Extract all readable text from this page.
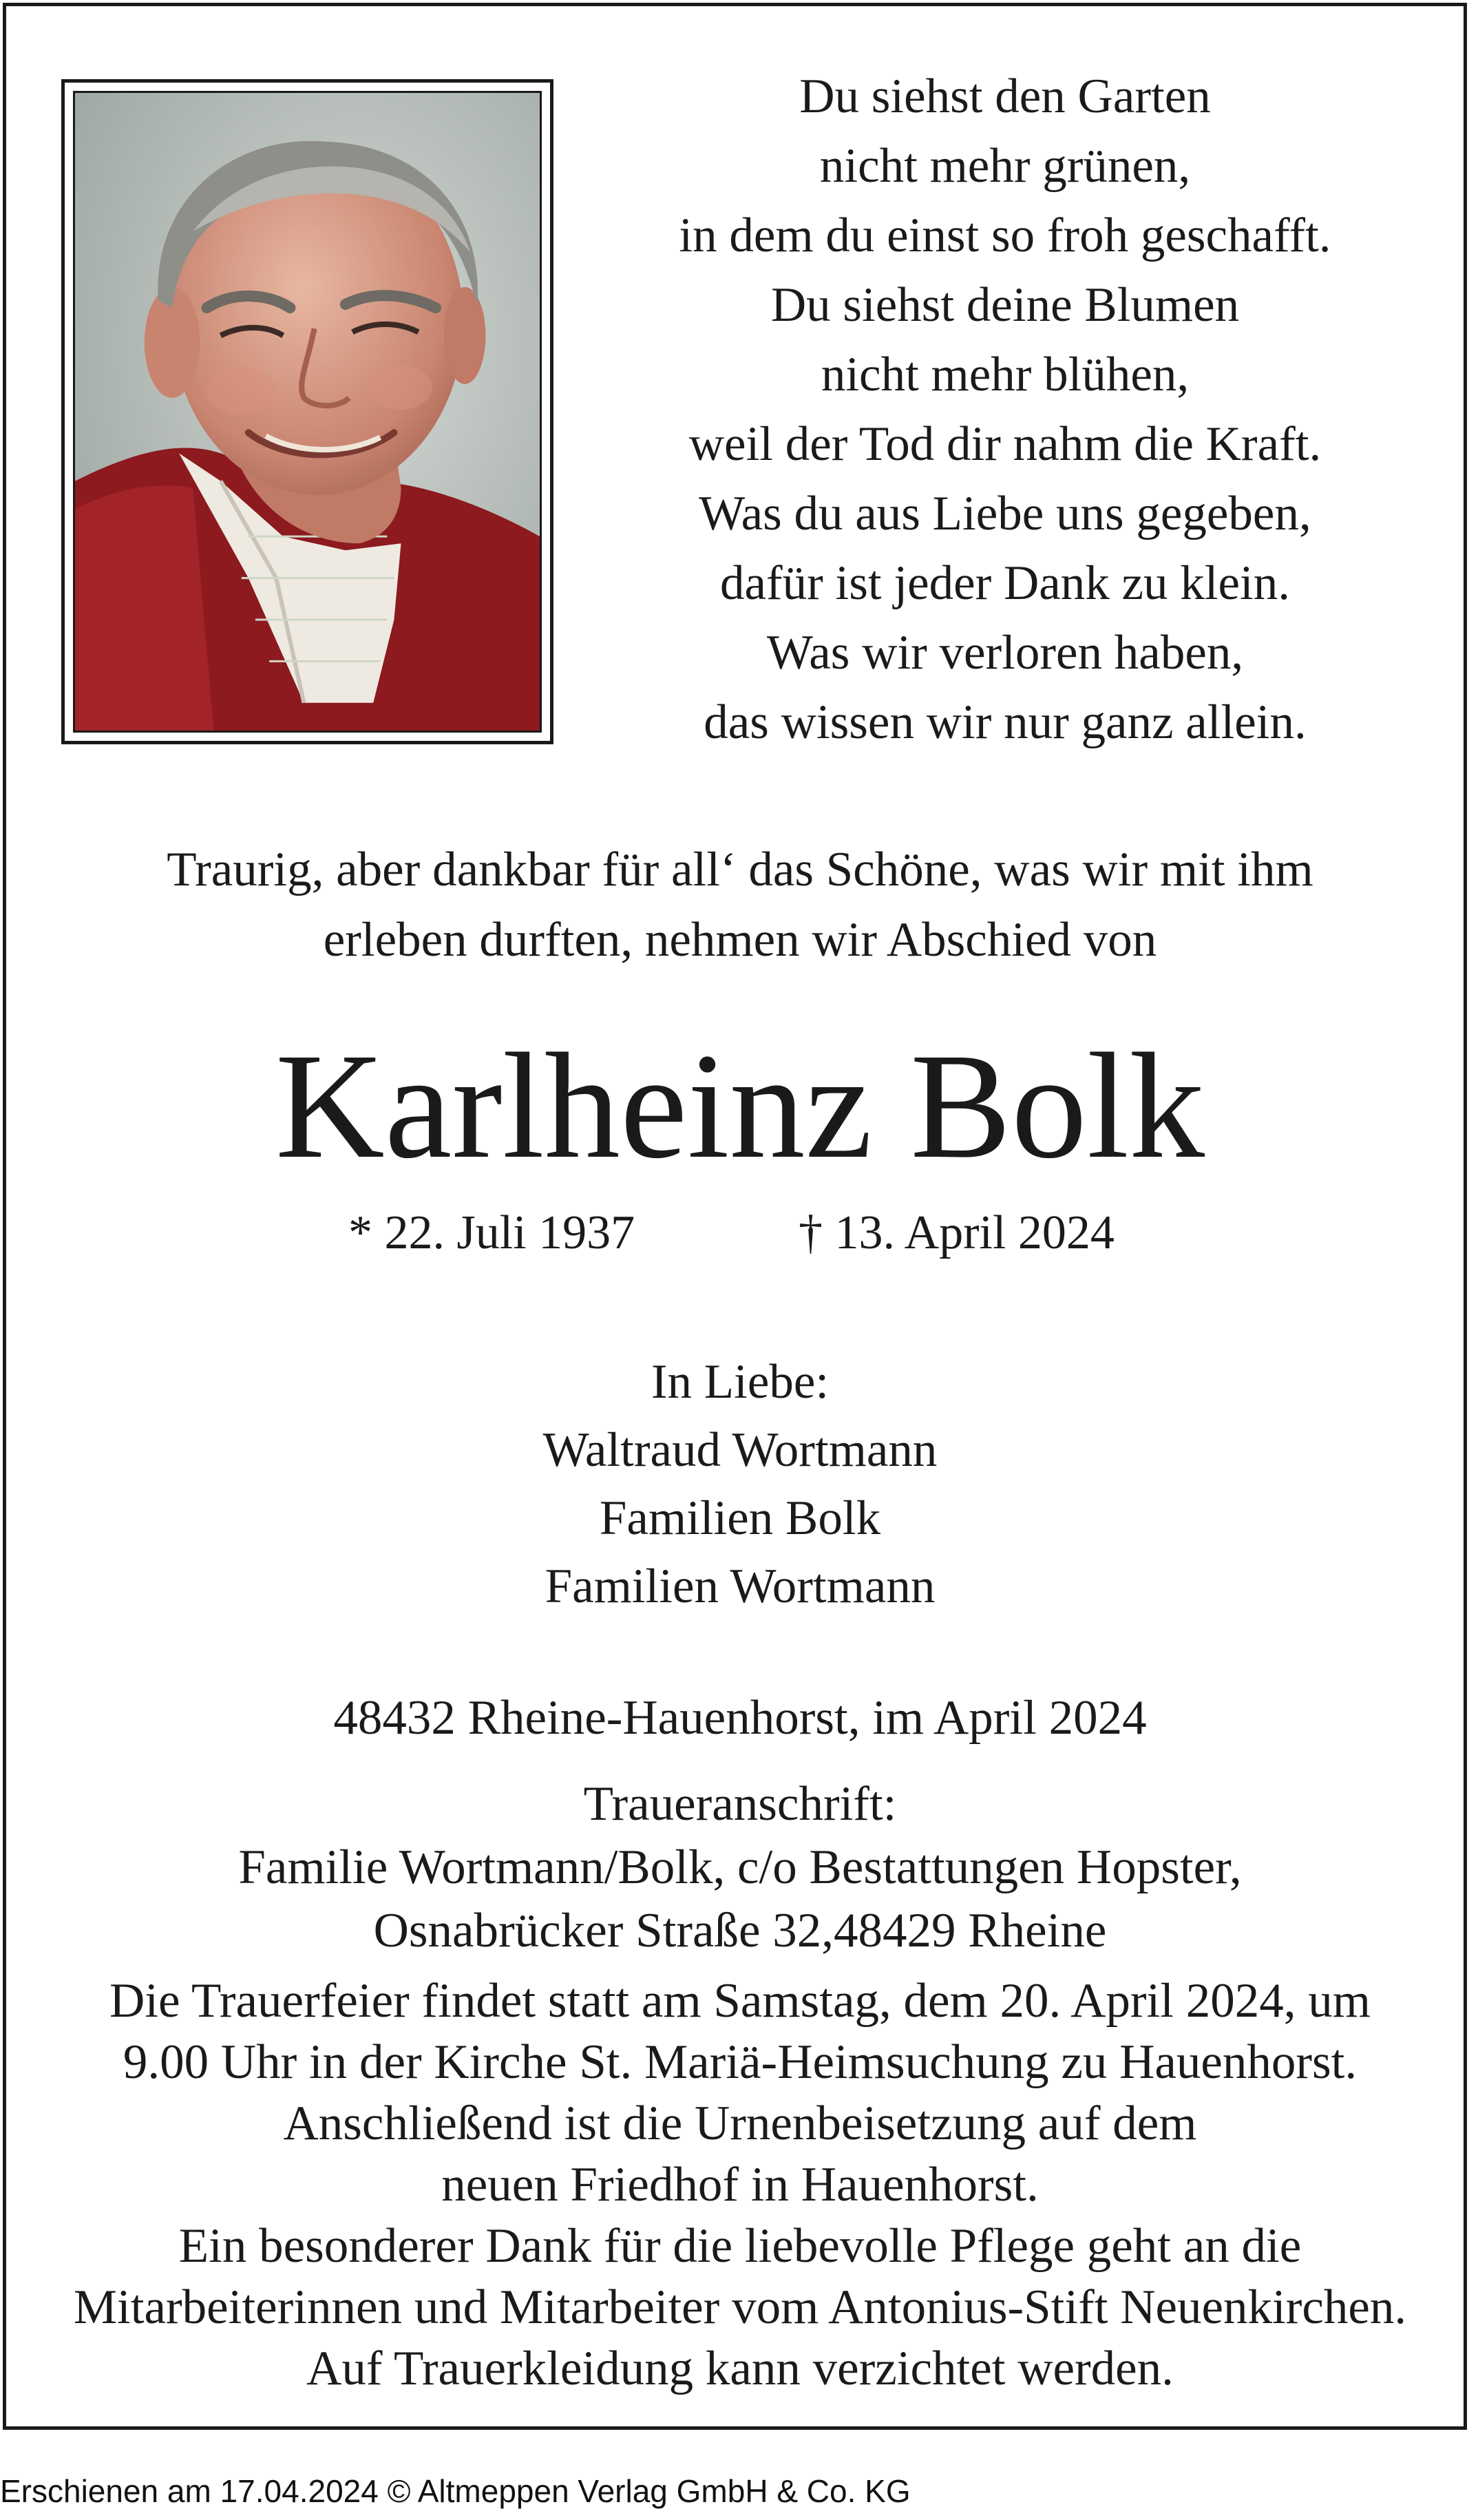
Du siehst den Garten
nicht mehr grünen,
in dem du einst so froh geschafft.
Du siehst deine Blumen
nicht mehr blühen,
weil der Tod dir nahm die Kraft.
Was du aus Liebe uns gegeben,
dafür ist jeder Dank zu klein.
Was wir verloren haben,
das wissen wir nur ganz allein.
Traurig, aber dankbar für all‘ das Schöne, was wir mit ihm
erleben durften, nehmen wir Abschied von
Karlheinz Bolk
* 22. Juli 1937	† 13. April 2024
In Liebe:
Waltraud Wortmann
Familien Bolk
Familien Wortmann
48432 Rheine-Hauenhorst, im April 2024
Traueranschrift:
Familie Wortmann/Bolk, c/o Bestattungen Hopster,
Osnabrücker Straße 32,48429 Rheine
Die Trauerfeier findet statt am Samstag, dem 20. April 2024, um
9.00 Uhr in der Kirche St. Mariä-Heimsuchung zu Hauenhorst.
Anschließend ist die Urnenbeisetzung auf dem
neuen Friedhof in Hauenhorst.
Ein besonderer Dank für die liebevolle Pflege geht an die
Mitarbeiterinnen und Mitarbeiter vom Antonius-Stift Neuenkirchen.
Auf Trauerkleidung kann verzichtet werden.
Erschienen am 17.04.2024 © Altmeppen Verlag GmbH & Co. KG
